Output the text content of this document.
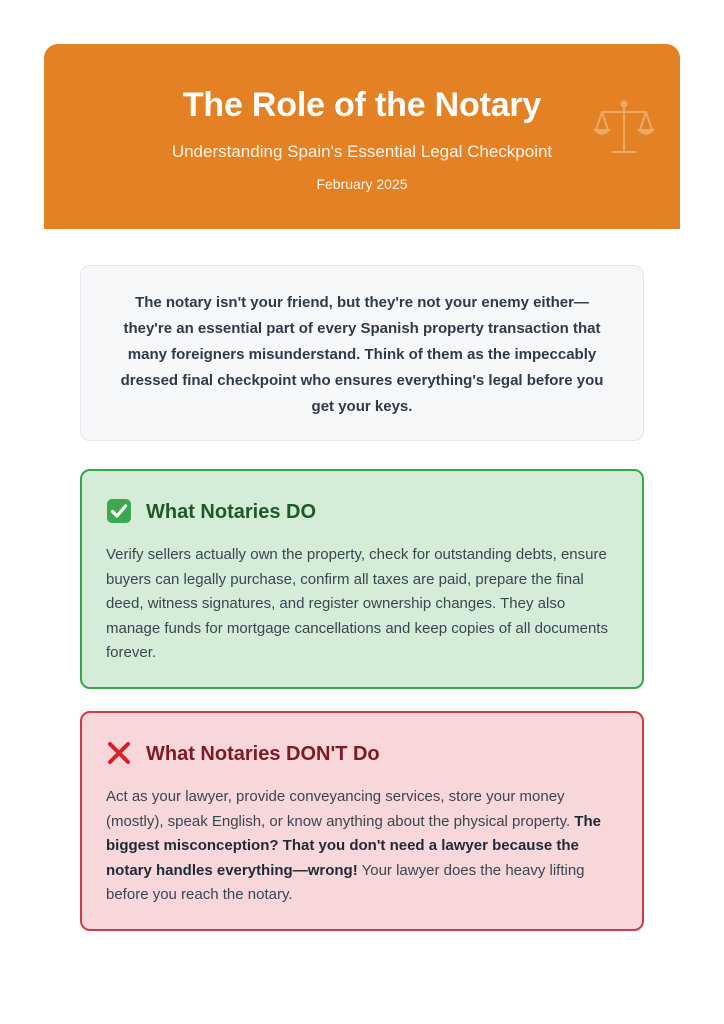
The Role of the Notary
Understanding Spain's Essential Legal Checkpoint
February 2025

The notary isn't your friend, but they're not your enemy either—they're an essential part of every Spanish property transaction that many foreigners misunderstand. Think of them as the impeccably dressed final checkpoint who ensures everything's legal before you get your keys.

What Notaries DO

Verify sellers actually own the property, check for outstanding debts, ensure buyers can legally purchase, confirm all taxes are paid, prepare the final deed, witness signatures, and register ownership changes. They also manage funds for mortgage cancellations and keep copies of all documents forever.

What Notaries DON'T Do

Act as your lawyer, provide conveyancing services, store your money (mostly), speak English, or know anything about the physical property. The biggest misconception? That you don't need a lawyer because the notary handles everything—wrong! Your lawyer does the heavy lifting before you reach the notary.
